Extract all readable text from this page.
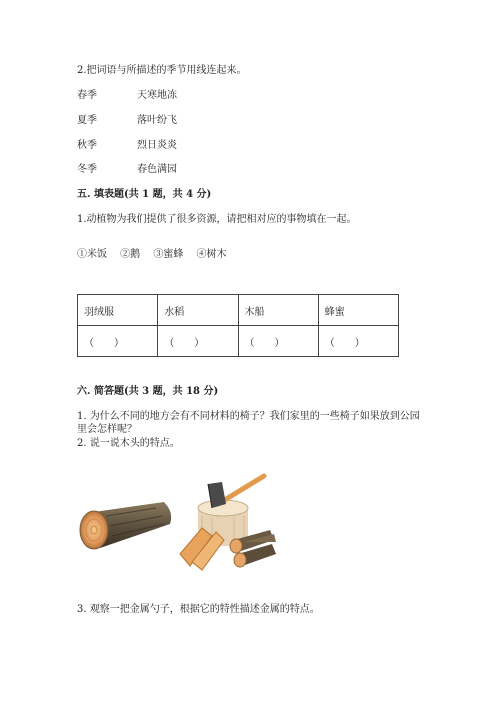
2.把词语与所描述的季节用线连起来。
春季	天寒地冻
夏季	落叶纷飞
秋季	烈日炎炎
冬季	春色满园
五. 填表题(共 1 题，共 4 分)
1.动植物为我们提供了很多资源，请把相对应的事物填在一起。
①米饭　 ②鹅　 ③蜜蜂　 ④树木
羽绒服	水稻	木船	蜂蜜
（　　）	（　　）	（　　）	（　　）
六. 简答题(共 3 题，共 18 分)
1. 为什么不同的地方会有不同材料的椅子？我们家里的一些椅子如果放到公园
里会怎样呢？
2. 说一说木头的特点。
3. 观察一把金属勺子，根据它的特性描述金属的特点。
